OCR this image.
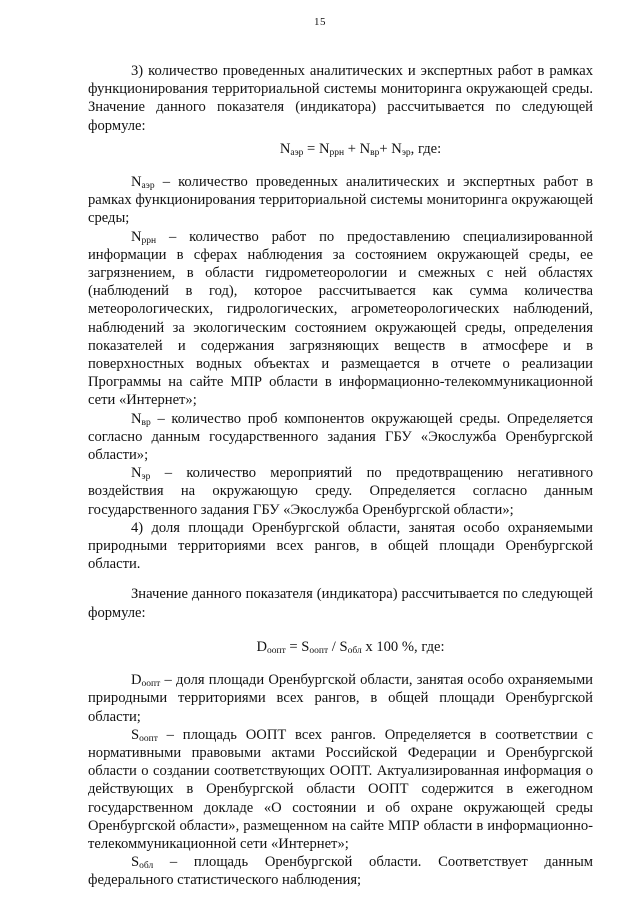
15

3) количество проведенных аналитических и экспертных работ в рамках функционирования территориальной системы мониторинга окружающей среды. Значение данного показателя (индикатора) рассчитывается по следующей формуле:

$N_{аэр} = N_{ррн} + N_{вр}+ N_{эр}$, где:

$N_{аэр}$ – количество проведенных аналитических и экспертных работ в рамках функционирования территориальной системы мониторинга окружающей среды;

$N_{ррн}$ – количество работ по предоставлению специализированной информации в сферах наблюдения за состоянием окружающей среды, ее загрязнением, в области гидрометеорологии и смежных с ней областях (наблюдений в год), которое рассчитывается как сумма количества метеорологических, гидрологических, агрометеорологических наблюдений, наблюдений за экологическим состоянием окружающей среды, определения показателей и содержания загрязняющих веществ в атмосфере и в поверхностных водных объектах и размещается в отчете о реализации Программы на сайте МПР области в информационно-телекоммуникационной сети «Интернет»;

$N_{вр}$ – количество проб компонентов окружающей среды. Определяется согласно данным государственного задания ГБУ «Экослужба Оренбургской области»;

$N_{эр}$ – количество мероприятий по предотвращению негативного воздействия на окружающую среду. Определяется согласно данным государственного задания ГБУ «Экослужба Оренбургской области»;

4) доля площади Оренбургской области, занятая особо охраняемыми природными территориями всех рангов, в общей площади Оренбургской области.

Значение данного показателя (индикатора) рассчитывается по следующей формуле:

$D_{оопт} = S_{оопт} / S_{обл}$ x 100 %, где:

$D_{оопт}$ – доля площади Оренбургской области, занятая особо охраняемыми природными территориями всех рангов, в общей площади Оренбургской области;

$S_{оопт}$ – площадь ООПТ всех рангов. Определяется в соответствии с нормативными правовыми актами Российской Федерации и Оренбургской области о создании соответствующих ООПТ. Актуализированная информация о действующих в Оренбургской области ООПТ содержится в ежегодном государственном докладе «О состоянии и об охране окружающей среды Оренбургской области», размещенном на сайте МПР области в информационно-телекоммуникационной сети «Интернет»;

$S_{обл}$ – площадь Оренбургской области. Соответствует данным федерального статистического наблюдения;
